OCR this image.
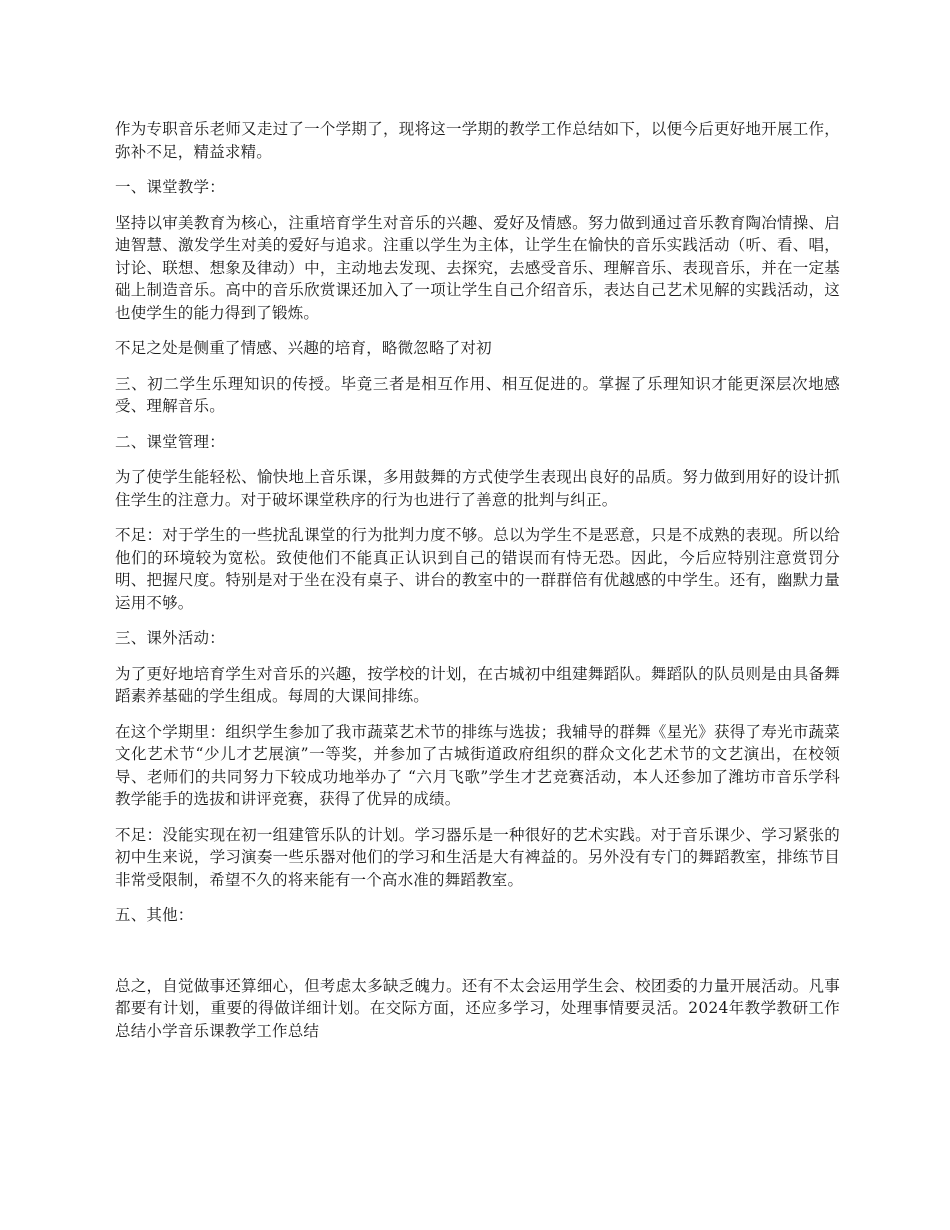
作为专职音乐老师又走过了一个学期了，现将这一学期的教学工作总结如下，以便今后更好地开展工作，弥补不足，精益求精。

一、课堂教学：

坚持以审美教育为核心，注重培育学生对音乐的兴趣、爱好及情感。努力做到通过音乐教育陶冶情操、启迪智慧、激发学生对美的爱好与追求。注重以学生为主体，让学生在愉快的音乐实践活动（听、看、唱，讨论、联想、想象及律动）中，主动地去发现、去探究，去感受音乐、理解音乐、表现音乐，并在一定基础上制造音乐。高中的音乐欣赏课还加入了一项让学生自己介绍音乐，表达自己艺术见解的实践活动，这也使学生的能力得到了锻炼。

不足之处是侧重了情感、兴趣的培育，略微忽略了对初

三、初二学生乐理知识的传授。毕竟三者是相互作用、相互促进的。掌握了乐理知识才能更深层次地感受、理解音乐。

二、课堂管理：

为了使学生能轻松、愉快地上音乐课，多用鼓舞的方式使学生表现出良好的品质。努力做到用好的设计抓住学生的注意力。对于破坏课堂秩序的行为也进行了善意的批判与纠正。

不足：对于学生的一些扰乱课堂的行为批判力度不够。总以为学生不是恶意，只是不成熟的表现。所以给他们的环境较为宽松。致使他们不能真正认识到自己的错误而有恃无恐。因此，今后应特别注意赏罚分明、把握尺度。特别是对于坐在没有桌子、讲台的教室中的一群群倍有优越感的中学生。还有，幽默力量运用不够。

三、课外活动：

为了更好地培育学生对音乐的兴趣，按学校的计划，在古城初中组建舞蹈队。舞蹈队的队员则是由具备舞蹈素养基础的学生组成。每周的大课间排练。

在这个学期里：组织学生参加了我市蔬菜艺术节的排练与选拔；我辅导的群舞《星光》获得了寿光市蔬菜文化艺术节“少儿才艺展演”一等奖，并参加了古城街道政府组织的群众文化艺术节的文艺演出，在校领导、老师们的共同努力下较成功地举办了 “六月飞歌”学生才艺竞赛活动，本人还参加了潍坊市音乐学科教学能手的选拔和讲评竞赛，获得了优异的成绩。

不足：没能实现在初一组建管乐队的计划。学习器乐是一种很好的艺术实践。对于音乐课少、学习紧张的初中生来说，学习演奏一些乐器对他们的学习和生活是大有裨益的。另外没有专门的舞蹈教室，排练节目非常受限制，希望不久的将来能有一个高水准的舞蹈教室。

五、其他：

总之，自觉做事还算细心，但考虑太多缺乏魄力。还有不太会运用学生会、校团委的力量开展活动。凡事都要有计划，重要的得做详细计划。在交际方面，还应多学习，处理事情要灵活。2024年教学教研工作总结小学音乐课教学工作总结
